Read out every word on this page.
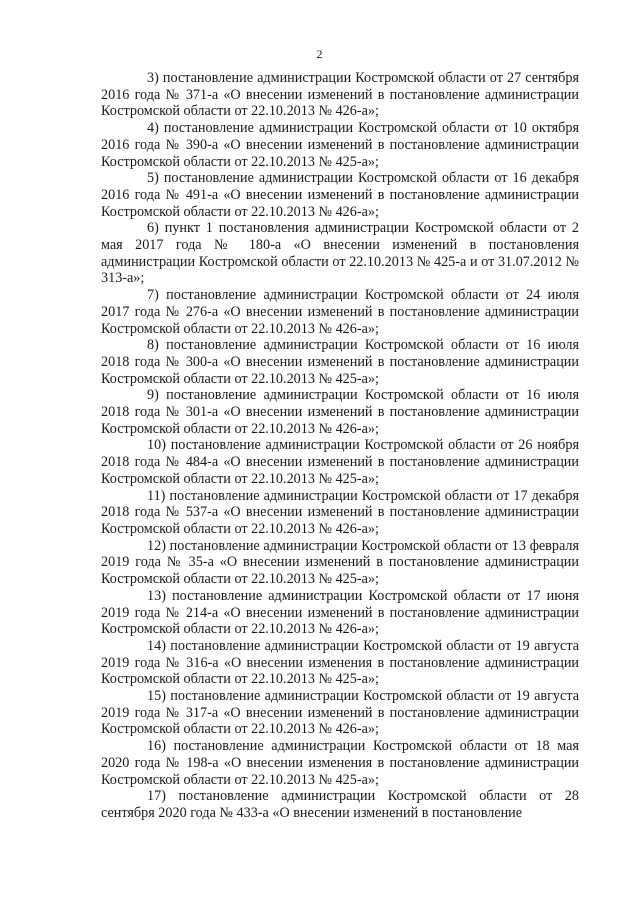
2

3) постановление администрации Костромской области от 27 сентября 2016 года № 371-а «О внесении изменений в постановление администрации Костромской области от 22.10.2013 № 426-а»;

4) постановление администрации Костромской области от 10 октября 2016 года № 390-а «О внесении изменений в постановление администрации Костромской области от 22.10.2013 № 425-а»;

5) постановление администрации Костромской области от 16 декабря 2016 года № 491-а «О внесении изменений в постановление администрации Костромской области от 22.10.2013 № 426-а»;

6) пункт 1 постановления администрации Костромской области от 2 мая 2017 года № 180-а «О внесении изменений в постановления администрации Костромской области от 22.10.2013 № 425-а и от 31.07.2012 № 313-а»;

7) постановление администрации Костромской области от 24 июля 2017 года № 276-а «О внесении изменений в постановление администрации Костромской области от 22.10.2013 № 426-а»;

8) постановление администрации Костромской области от 16 июля 2018 года № 300-а «О внесении изменений в постановление администрации Костромской области от 22.10.2013 № 425-а»;

9) постановление администрации Костромской области от 16 июля 2018 года № 301-а «О внесении изменений в постановление администрации Костромской области от 22.10.2013 № 426-а»;

10) постановление администрации Костромской области от 26 ноября 2018 года № 484-а «О внесении изменений в постановление администрации Костромской области от 22.10.2013 № 425-а»;

11) постановление администрации Костромской области от 17 декабря 2018 года № 537-а «О внесении изменений в постановление администрации Костромской области от 22.10.2013 № 426-а»;

12) постановление администрации Костромской области от 13 февраля 2019 года № 35-а «О внесении изменений в постановление администрации Костромской области от 22.10.2013 № 425-а»;

13) постановление администрации Костромской области от 17 июня 2019 года № 214-а «О внесении изменений в постановление администрации Костромской области от 22.10.2013 № 426-а»;

14) постановление администрации Костромской области от 19 августа 2019 года № 316-а «О внесении изменения в постановление администрации Костромской области от 22.10.2013 № 425-а»;

15) постановление администрации Костромской области от 19 августа 2019 года № 317-а «О внесении изменений в постановление администрации Костромской области от 22.10.2013 № 426-а»;

16) постановление администрации Костромской области от 18 мая 2020 года № 198-а «О внесении изменения в постановление администрации Костромской области от 22.10.2013 № 425-а»;

17) постановление администрации Костромской области от 28 сентября 2020 года № 433-а «О внесении изменений в постановление
